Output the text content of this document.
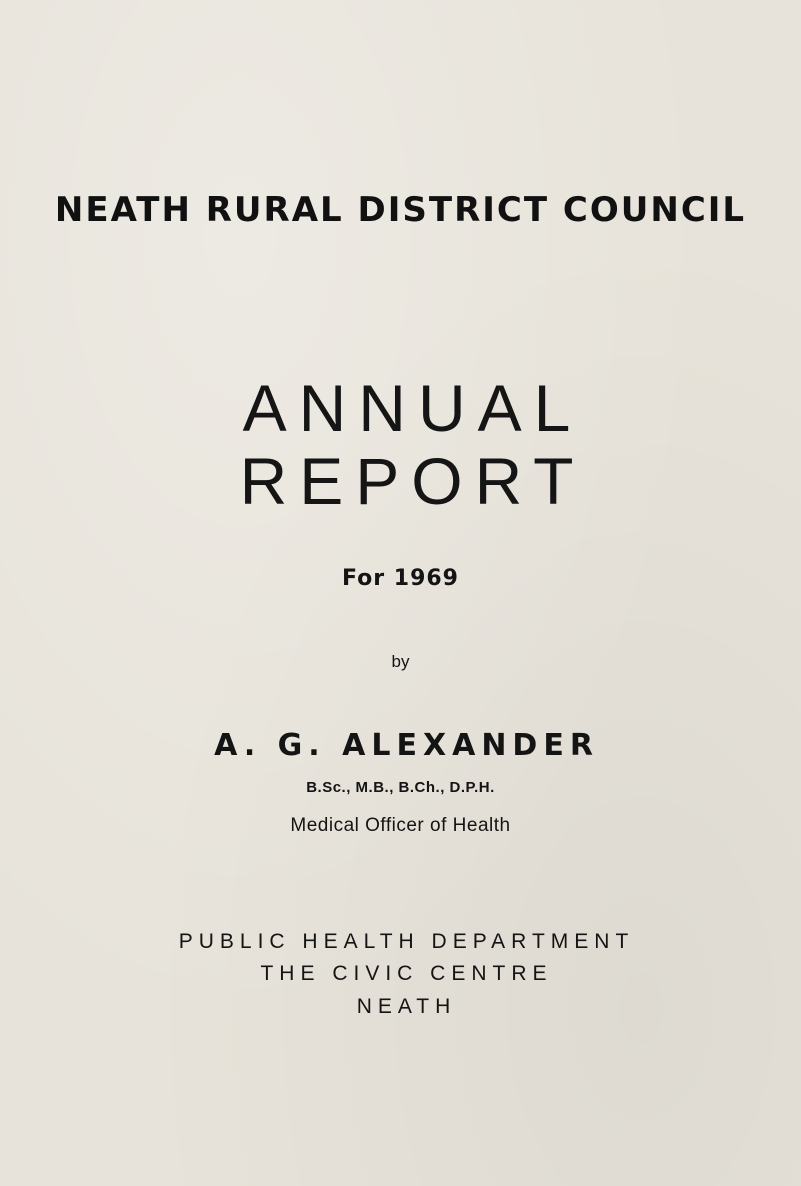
NEATH RURAL DISTRICT COUNCIL
ANNUAL
REPORT
For 1969
by
A. G. ALEXANDER
B.Sc., M.B., B.Ch., D.P.H.
Medical Officer of Health
PUBLIC HEALTH DEPARTMENT
THE CIVIC CENTRE
NEATH
